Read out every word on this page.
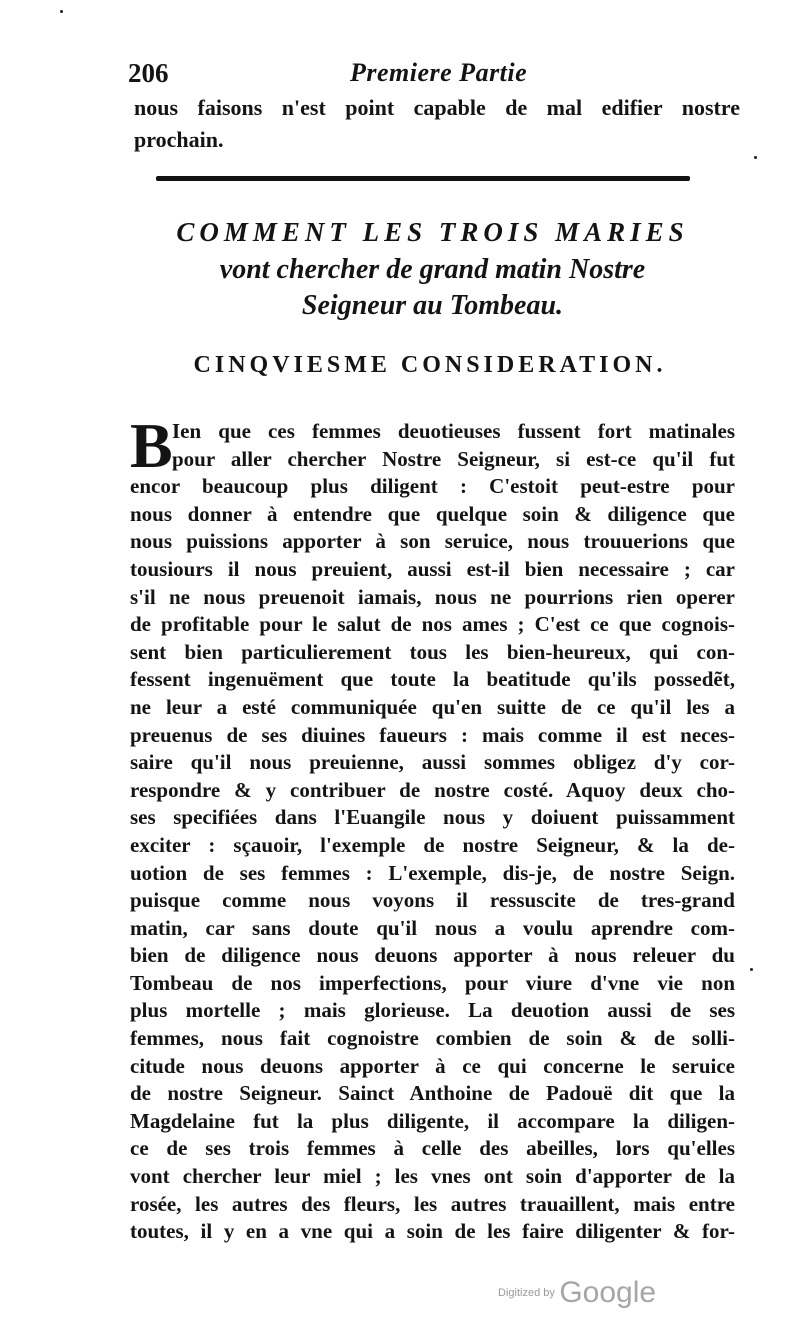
206	Premiere Partie
nous faisons n'est point capable de mal edifier nostre
prochain.
COMMENT LES TROIS MARIES
vont chercher de grand matin Nostre
Seigneur au Tombeau.
CINQVIESME CONSIDERATION.
B Ien que ces femmes deuotieuses fussent fort matinales
pour aller chercher Nostre Seigneur, si est-ce qu'il fut
encor beaucoup plus diligent : C'estoit peut-estre pour
nous donner à entendre que quelque soin & diligence que
nous puissions apporter à son seruice, nous trouuerions que
tousiours il nous preuient, aussi est-il bien necessaire ; car
s'il ne nous preuenoit iamais, nous ne pourrions rien operer
de profitable pour le salut de nos ames ; C'est ce que cognois-
sent bien particulierement tous les bien-heureux, qui con-
fessent ingenuëment que toute la beatitude qu'ils possedẽt,
ne leur a esté communiquée qu'en suitte de ce qu'il les a
preuenus de ses diuines faueurs : mais comme il est neces-
saire qu'il nous preuienne, aussi sommes obligez d'y cor-
respondre & y contribuer de nostre costé. Aquoy deux cho-
ses specifiées dans l'Euangile nous y doiuent puissamment
exciter : sçauoir, l'exemple de nostre Seigneur, & la de-
uotion de ses femmes : L'exemple, dis-je, de nostre Seign.
puisque comme nous voyons il ressuscite de tres-grand
matin, car sans doute qu'il nous a voulu aprendre com-
bien de diligence nous deuons apporter à nous releuer du
Tombeau de nos imperfections, pour viure d'vne vie non
plus mortelle ; mais glorieuse. La deuotion aussi de ses
femmes, nous fait cognoistre combien de soin & de solli-
citude nous deuons apporter à ce qui concerne le seruice
de nostre Seigneur. Sainct Anthoine de Padouë dit que la
Magdelaine fut la plus diligente, il accompare la diligen-
ce de ses trois femmes à celle des abeilles, lors qu'elles
vont chercher leur miel ; les vnes ont soin d'apporter de la
rosée, les autres des fleurs, les autres trauaillent, mais entre
toutes, il y en a vne qui a soin de les faire diligenter & for-
Digitized by Google
